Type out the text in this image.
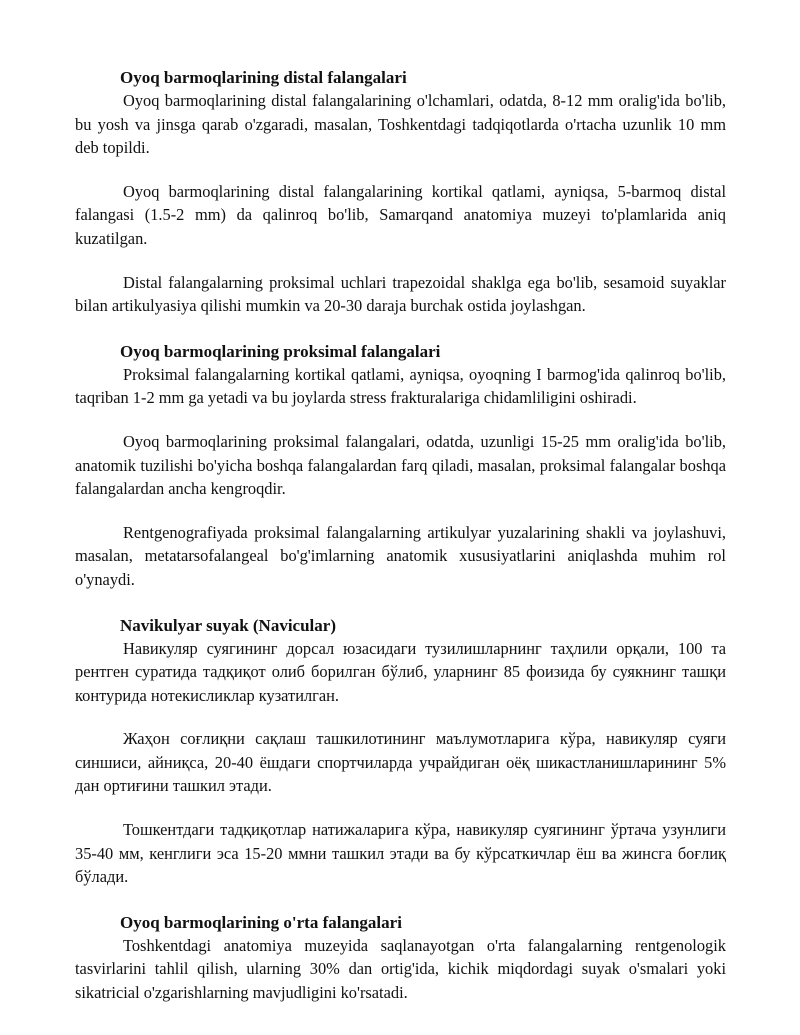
Oyoq barmoqlarining distal falangalari

Oyoq barmoqlarining distal falangalarining o'lchamlari, odatda, 8-12 mm oralig'ida bo'lib, bu yosh va jinsga qarab o'zgaradi, masalan, Toshkentdagi tadqiqotlarda o'rtacha uzunlik 10 mm deb topildi.

Oyoq barmoqlarining distal falangalarining kortikal qatlami, ayniqsa, 5-barmoq distal falangasi (1.5-2 mm) da qalinroq bo'lib, Samarqand anatomiya muzeyi to'plamlarida aniq kuzatilgan.

Distal falangalarning proksimal uchlari trapezoidal shaklga ega bo'lib, sesamoid suyaklar bilan artikulyasiya qilishi mumkin va 20-30 daraja burchak ostida joylashgan.

Oyoq barmoqlarining proksimal falangalari

Proksimal falangalarning kortikal qatlami, ayniqsa, oyoqning I barmog'ida qalinroq bo'lib, taqriban 1-2 mm ga yetadi va bu joylarda stress frakturalariga chidamliligini oshiradi.

Oyoq barmoqlarining proksimal falangalari, odatda, uzunligi 15-25 mm oralig'ida bo'lib, anatomik tuzilishi bo'yicha boshqa falangalardan farq qiladi, masalan, proksimal falangalar boshqa falangalardan ancha kengroqdir.

Rentgenografiyada proksimal falangalarning artikulyar yuzalarining shakli va joylashuvi, masalan, metatarsofalangeal bo'g'imlarning anatomik xususiyatlarini aniqlashda muhim rol o'ynaydi.

Navikulyar suyak (Navicular)

Навикуляр суягининг дорсал юзасидаги тузилишларнинг таҳлили орқали, 100 та рентген суратида тадқиқот олиб борилган бўлиб, уларнинг 85 фоизида бу суякнинг ташқи контурида нотекисликлар кузатилган.

Жаҳон соғлиқни сақлаш ташкилотининг маълумотларига кўра, навикуляр суяги синшиси, айниқса, 20-40 ёшдаги спортчиларда учрайдиган оёқ шикастланишларининг 5% дан ортиғини ташкил этади.

Тошкентдаги тадқиқотлар натижаларига кўра, навикуляр суягининг ўртача узунлиги 35-40 мм, кенглиги эса 15-20 ммни ташкил этади ва бу кўрсаткичлар ёш ва жинсга боғлиқ бўлади.

Oyoq barmoqlarining o'rta falangalari

Toshkentdagi anatomiya muzeyida saqlanayotgan o'rta falangalarning rentgenologik tasvirlarini tahlil qilish, ularning 30% dan ortig'ida, kichik miqdordagi suyak o'smalari yoki sikatricial o'zgarishlarning mavjudligini ko'rsatadi.
